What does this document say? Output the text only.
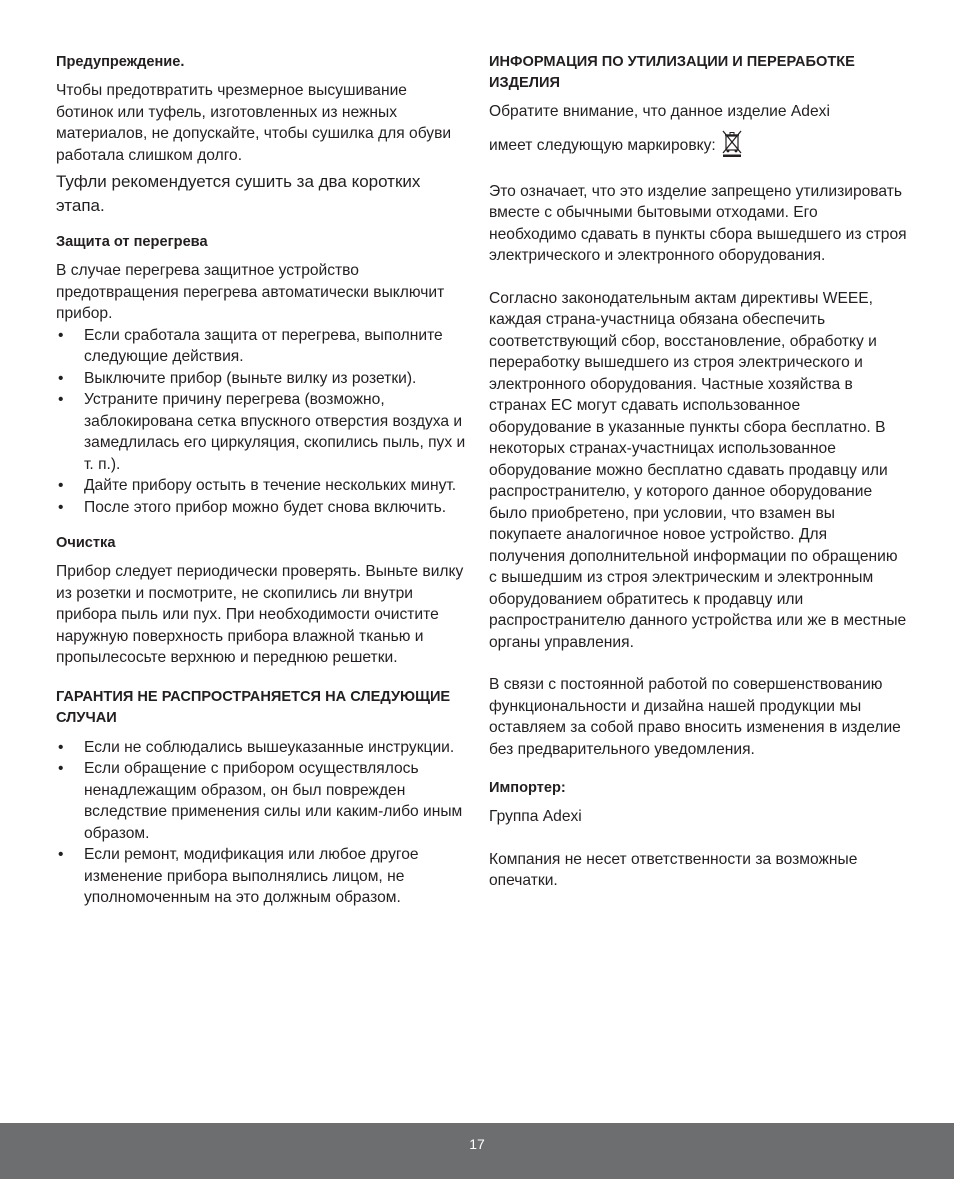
Предупреждение.

Чтобы предотвратить чрезмерное высушивание ботинок или туфель, изготовленных из нежных материалов, не допускайте, чтобы сушилка для обуви работала слишком долго.

Туфли рекомендуется сушить за два коротких этапа.

Защита от перегрева

В случае перегрева защитное устройство предотвращения перегрева автоматически выключит прибор.

• Если сработала защита от перегрева, выполните следующие действия.
• Выключите прибор (выньте вилку из розетки).
• Устраните причину перегрева (возможно, заблокирована сетка впускного отверстия воздуха и замедлилась его циркуляция, скопились пыль, пух и т. п.).
• Дайте прибору остыть в течение нескольких минут.
• После этого прибор можно будет снова включить.

Очистка

Прибор следует периодически проверять. Выньте вилку из розетки и посмотрите, не скопились ли внутри прибора пыль или пух. При необходимости очистите наружную поверхность прибора влажной тканью и пропылесосьте верхнюю и переднюю решетки.

ГАРАНТИЯ НЕ РАСПРОСТРАНЯЕТСЯ НА СЛЕДУЮЩИЕ СЛУЧАИ

• Если не соблюдались вышеуказанные инструкции.
• Если обращение с прибором осуществлялось ненадлежащим образом, он был поврежден вследствие применения силы или каким-либо иным образом.
• Если ремонт, модификация или любое другое изменение прибора выполнялись лицом, не уполномоченным на это должным образом.

ИНФОРМАЦИЯ ПО УТИЛИЗАЦИИ И ПЕРЕРАБОТКЕ ИЗДЕЛИЯ

Обратите внимание, что данное изделие Adexi

имеет следующую маркировку:

Это означает, что это изделие запрещено утилизировать вместе с обычными бытовыми отходами. Его необходимо сдавать в пункты сбора вышедшего из строя электрического и электронного оборудования.

Согласно законодательным актам директивы WEEE, каждая страна-участница обязана обеспечить соответствующий сбор, восстановление, обработку и переработку вышедшего из строя электрического и электронного оборудования. Частные хозяйства в странах ЕС могут сдавать использованное оборудование в указанные пункты сбора бесплатно. В некоторых странах-участницах использованное оборудование можно бесплатно сдавать продавцу или распространителю, у которого данное оборудование было приобретено, при условии, что взамен вы покупаете аналогичное новое устройство. Для получения дополнительной информации по обращению с вышедшим из строя электрическим и электронным оборудованием обратитесь к продавцу или распространителю данного устройства или же в местные органы управления.

В связи с постоянной работой по совершенствованию функциональности и дизайна нашей продукции мы оставляем за собой право вносить изменения в изделие без предварительного уведомления.

Импортер:

Группа Adexi

Компания не несет ответственности за возможные опечатки.

17
